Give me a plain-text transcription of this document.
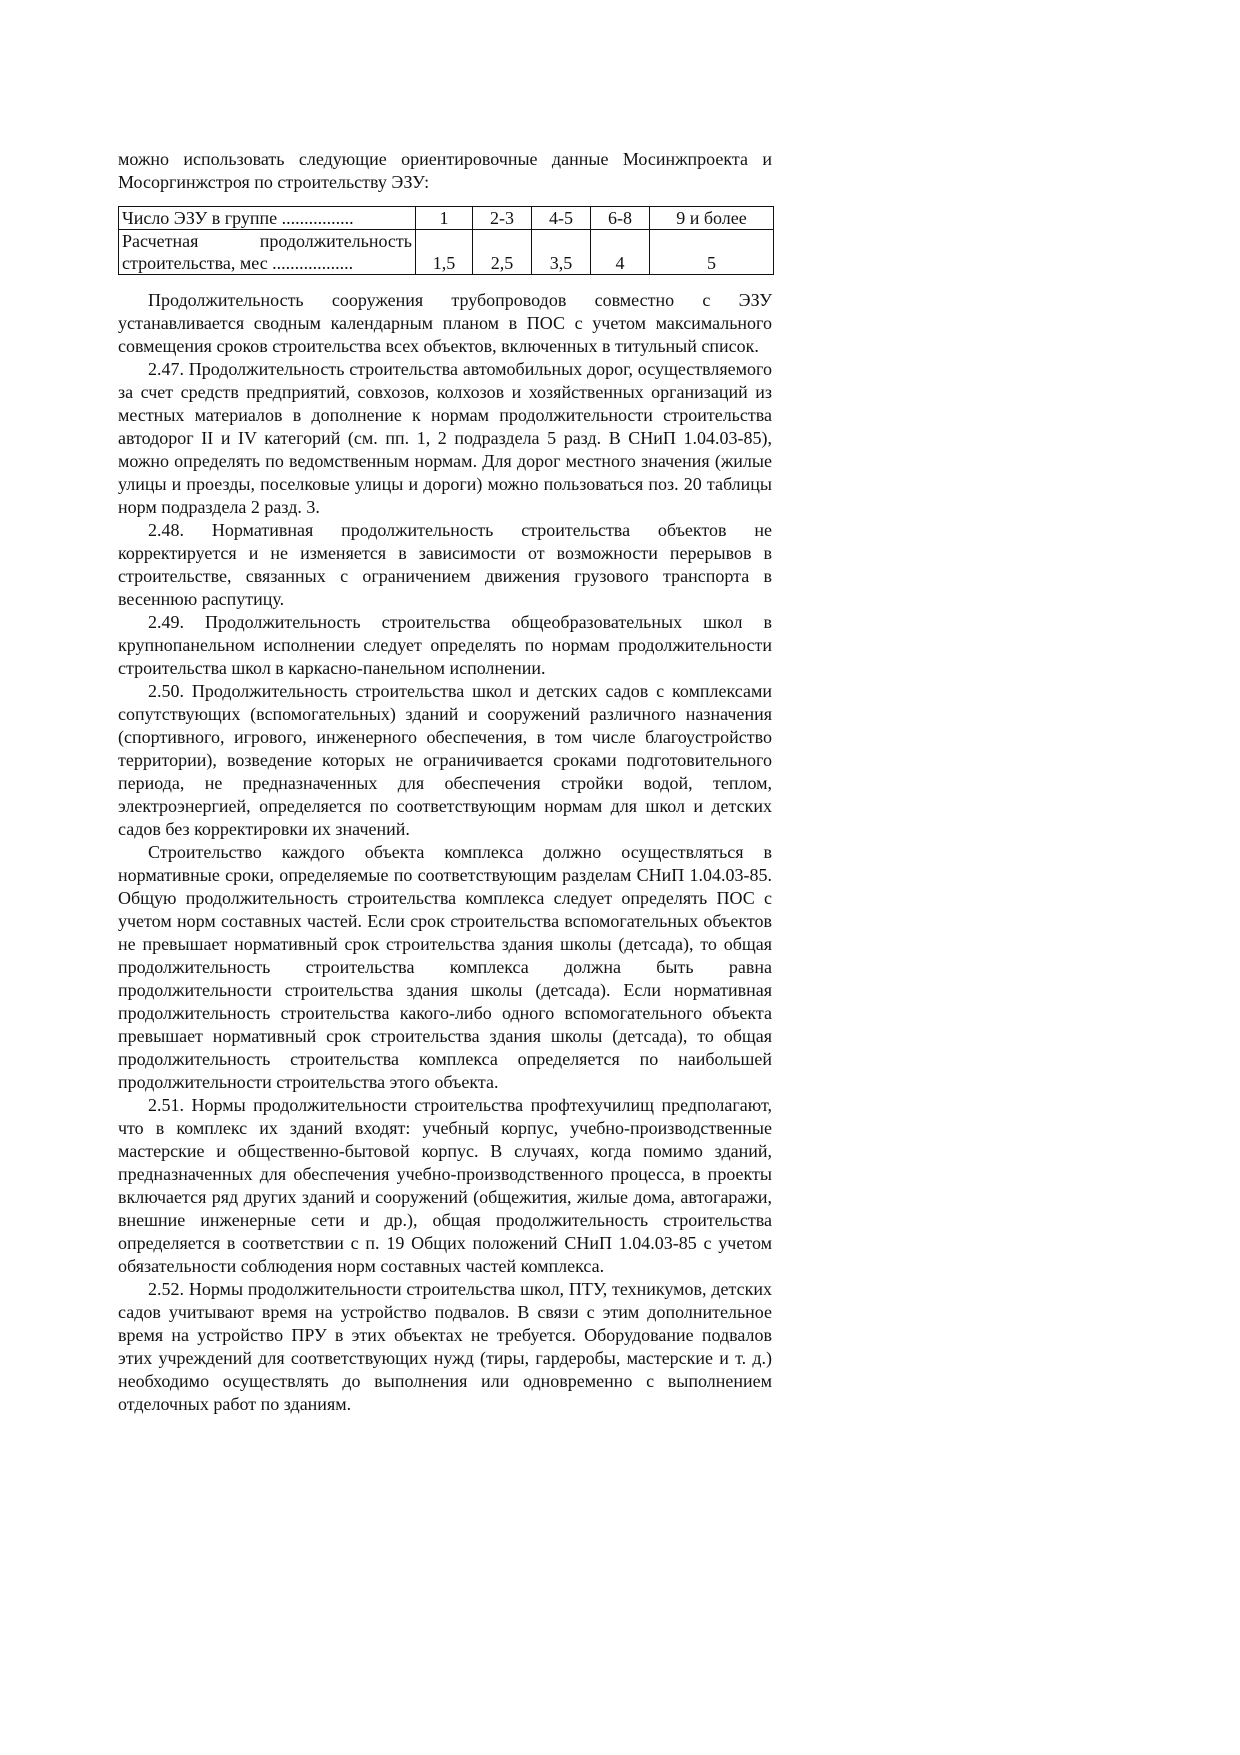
можно использовать следующие ориентировочные данные Мосинжпроекта и Мосоргинжстроя по строительству ЭЗУ:

Число ЭЗУ в группе ................	1	2-3	4-5	6-8	9 и более

Расчетная продолжительность
строительства, мес ..................	1,5	2,5	3,5	4	5

Продолжительность сооружения трубопроводов совместно с ЭЗУ устанавливается сводным календарным планом в ПОС с учетом максимального совмещения сроков строительства всех объектов, включенных в титульный список.

2.47. Продолжительность строительства автомобильных дорог, осуществляемого за счет средств предприятий, совхозов, колхозов и хозяйственных организаций из местных материалов в дополнение к нормам продолжительности строительства автодорог II и IV категорий (см. пп. 1, 2 подраздела 5 разд. В СНиП 1.04.03-85), можно определять по ведомственным нормам. Для дорог местного значения (жилые улицы и проезды, поселковые улицы и дороги) можно пользоваться поз. 20 таблицы норм подраздела 2 разд. 3.

2.48. Нормативная продолжительность строительства объектов не корректируется и не изменяется в зависимости от возможности перерывов в строительстве, связанных с ограничением движения грузового транспорта в весеннюю распутицу.

2.49. Продолжительность строительства общеобразовательных школ в крупнопанельном исполнении следует определять по нормам продолжительности строительства школ в каркасно-панельном исполнении.

2.50. Продолжительность строительства школ и детских садов с комплексами сопутствующих (вспомогательных) зданий и сооружений различного назначения (спортивного, игрового, инженерного обеспечения, в том числе благоустройство территории), возведение которых не ограничивается сроками подготовительного периода, не предназначенных для обеспечения стройки водой, теплом, электроэнергией, определяется по соответствующим нормам для школ и детских садов без корректировки их значений.

Строительство каждого объекта комплекса должно осуществляться в нормативные сроки, определяемые по соответствующим разделам СНиП 1.04.03-85. Общую продолжительность строительства комплекса следует определять ПОС с учетом норм составных частей. Если срок строительства вспомогательных объектов не превышает нормативный срок строительства здания школы (детсада), то общая продолжительность строительства комплекса должна быть равна продолжительности строительства здания школы (детсада). Если нормативная продолжительность строительства какого-либо одного вспомогательного объекта превышает нормативный срок строительства здания школы (детсада), то общая продолжительность строительства комплекса определяется по наибольшей продолжительности строительства этого объекта.

2.51. Нормы продолжительности строительства профтехучилищ предполагают, что в комплекс их зданий входят: учебный корпус, учебно-производственные мастерские и общественно-бытовой корпус. В случаях, когда помимо зданий, предназначенных для обеспечения учебно-производственного процесса, в проекты включается ряд других зданий и сооружений (общежития, жилые дома, автогаражи, внешние инженерные сети и др.), общая продолжительность строительства определяется в соответствии с п. 19 Общих положений СНиП 1.04.03-85 с учетом обязательности соблюдения норм составных частей комплекса.

2.52. Нормы продолжительности строительства школ, ПТУ, техникумов, детских садов учитывают время на устройство подвалов. В связи с этим дополнительное время на устройство ПРУ в этих объектах не требуется. Оборудование подвалов этих учреждений для соответствующих нужд (тиры, гардеробы, мастерские и т. д.) необходимо осуществлять до выполнения или одновременно с выполнением отделочных работ по зданиям.
